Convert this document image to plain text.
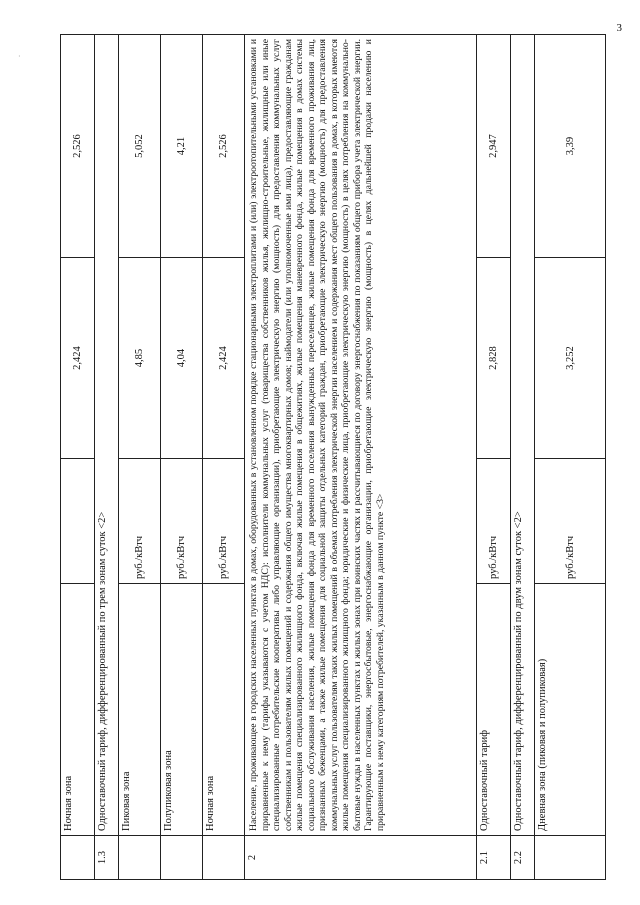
3
·
	Ночная зона		2,424	2,526
1.3	Одноставочный тариф, дифференцированный по трем зонам суток <2>			
	Пиковая зона	руб./кВтч	4,85	5,052
	Полупиковая зона	руб./кВтч	4,04	4,21
	Ночная зона	руб./кВтч	2,424	2,526
2	Население, проживающее в городских населенных пунктах в домах, оборудованных в установленном порядке стационарными электроплитами и (или) электроотопительными установками и приравненные к нему (тарифы указываются с учетом НДС): исполнители коммунальных услуг (товарищества собственников жилья, жилищно-строительные, жилищные или иные специализированные потребительские кооперативы либо управляющие организации), приобретающие электрическую энергию (мощность) для предоставления коммунальных услуг собственникам и пользователям жилых помещений и содержания общего имущества многоквартирных домов; наймодатели (или уполномоченные ими лица), предоставляющие гражданам жилые помещения специализированного жилищного фонда, включая жилые помещения в общежитиях, жилые помещения маневренного фонда, жилые помещения в домах системы социального обслуживания населения, жилые помещения фонда для временного поселения вынужденных переселенцев, жилые помещения фонда для временного проживания лиц, признанных беженцами, а также жилые помещения для социальной защиты отдельных категорий граждан, приобретающие электрическую энергию (мощность) для предоставления коммунальных услуг пользователям таких жилых помещений в объемах потребления электрической энергии населением и содержания мест общего пользования в домах, в которых имеются жилые помещения специализированного жилищного фонда; юридические и физические лица, приобретающие электрическую энергию (мощность) в целях потребления на коммунально-бытовые нужды в населенных пунктах и жилых зонах при воинских частях и рассчитывающиеся по договору энергоснабжения по показаниям общего прибора учета электрической энергии. Гарантирующие поставщики, энергосбытовые, энергоснабжающие организации, приобретающие электрическую энергию (мощность) в целях дальнейшей продажи населению и приравненным к нему категориям потребителей, указанным в данном пункте <3>			
2.1	Одноставочный тариф	руб./кВтч	2,828	2,947
2.2	Одноставочный тариф, дифференцированный по двум зонам суток <2>			
	Дневная зона (пиковая и полупиковая)	руб./кВтч	3,252	3,39
